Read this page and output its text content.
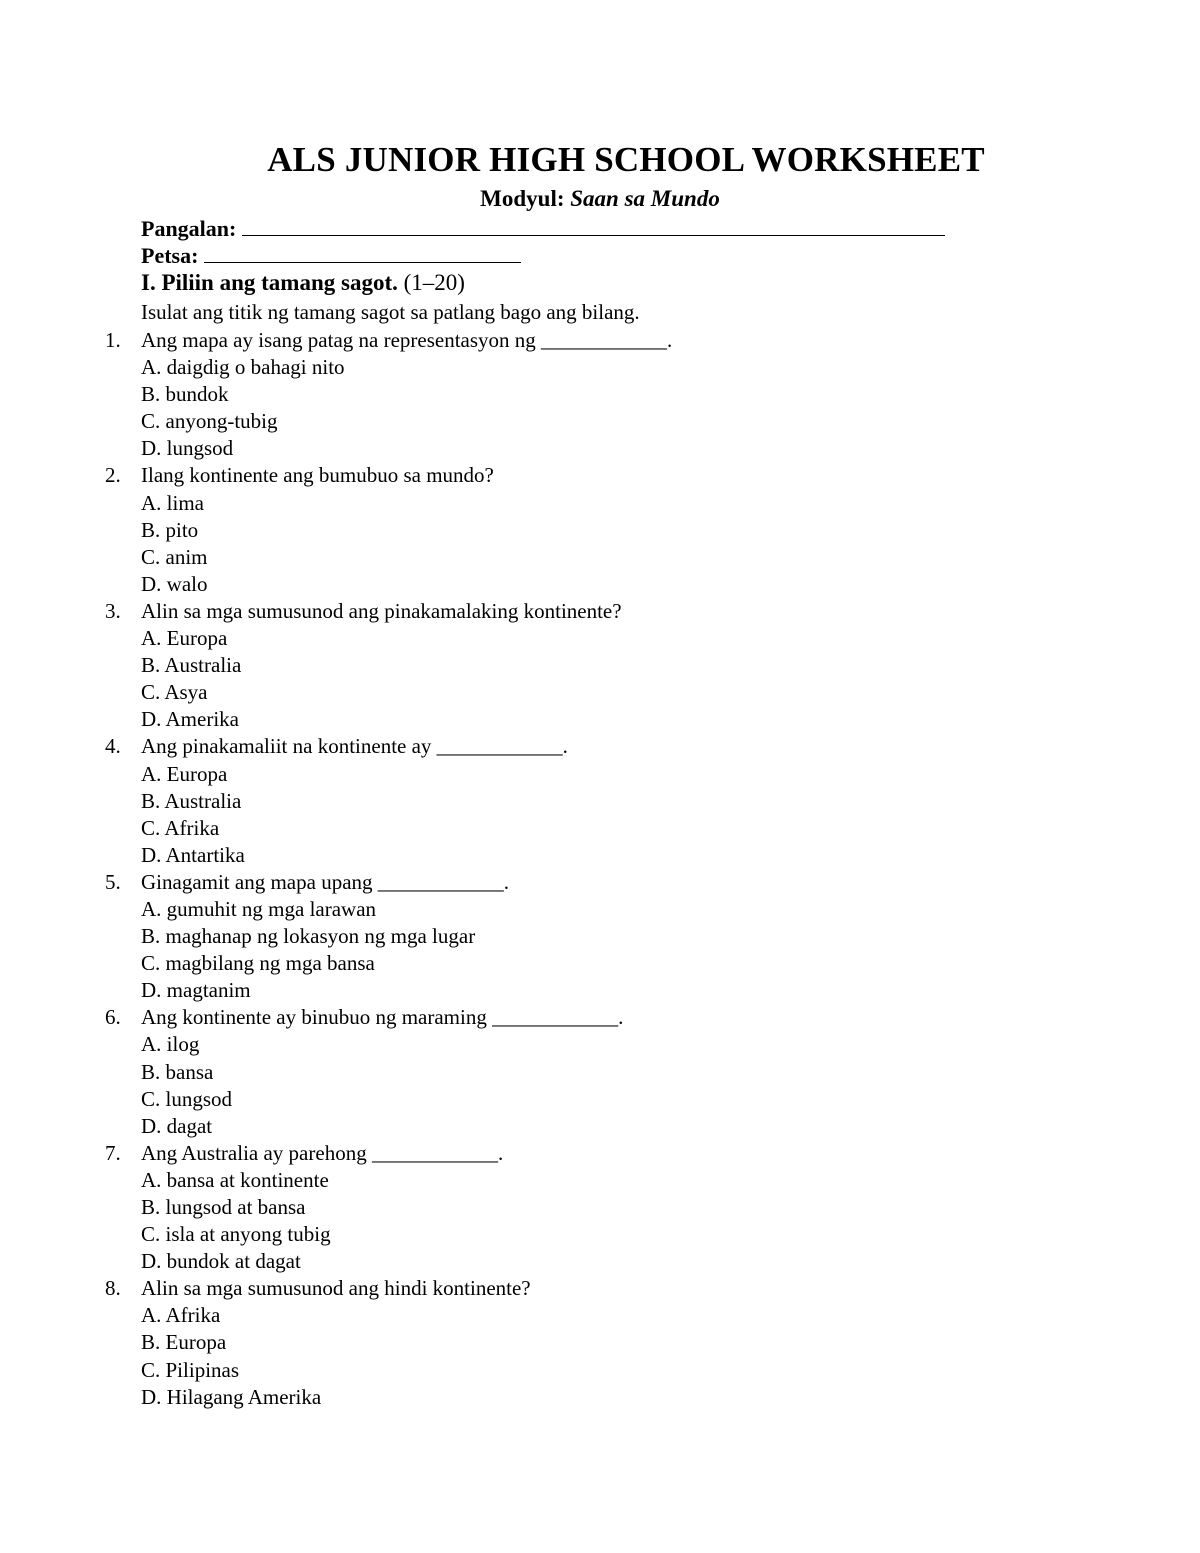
ALS JUNIOR HIGH SCHOOL WORKSHEET
Modyul: Saan sa Mundo
Pangalan:
Petsa:
I. Piliin ang tamang sagot. (1–20)
Isulat ang titik ng tamang sagot sa patlang bago ang bilang.
1. Ang mapa ay isang patag na representasyon ng ____________.
A. daigdig o bahagi nito
B. bundok
C. anyong-tubig
D. lungsod
2. Ilang kontinente ang bumubuo sa mundo?
A. lima
B. pito
C. anim
D. walo
3. Alin sa mga sumusunod ang pinakamalaking kontinente?
A. Europa
B. Australia
C. Asya
D. Amerika
4. Ang pinakamaliit na kontinente ay ____________.
A. Europa
B. Australia
C. Afrika
D. Antartika
5. Ginagamit ang mapa upang ____________.
A. gumuhit ng mga larawan
B. maghanap ng lokasyon ng mga lugar
C. magbilang ng mga bansa
D. magtanim
6. Ang kontinente ay binubuo ng maraming ____________.
A. ilog
B. bansa
C. lungsod
D. dagat
7. Ang Australia ay parehong ____________.
A. bansa at kontinente
B. lungsod at bansa
C. isla at anyong tubig
D. bundok at dagat
8. Alin sa mga sumusunod ang hindi kontinente?
A. Afrika
B. Europa
C. Pilipinas
D. Hilagang Amerika
